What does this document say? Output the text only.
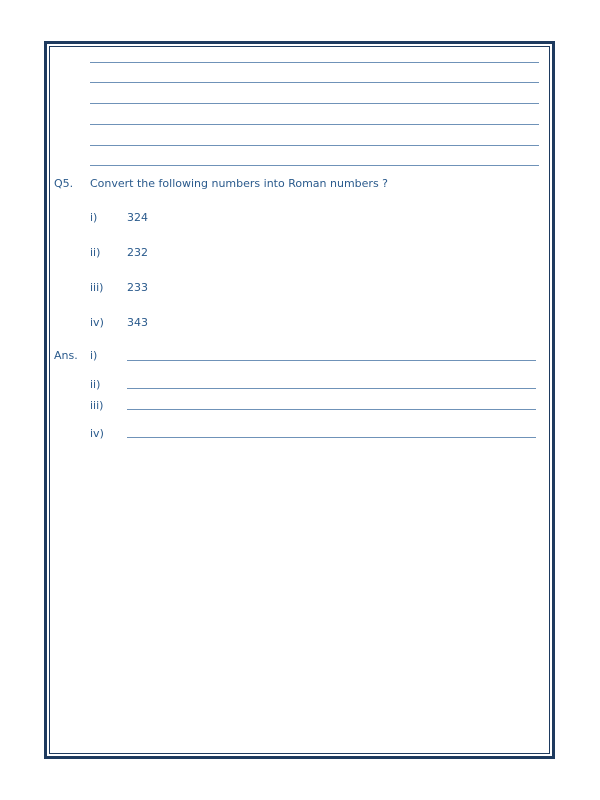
Q5. Convert the following numbers into Roman numbers ?
i)	324
ii) 232
iii) 233
iv) 343
Ans. i)
ii)
iii)
iv)
